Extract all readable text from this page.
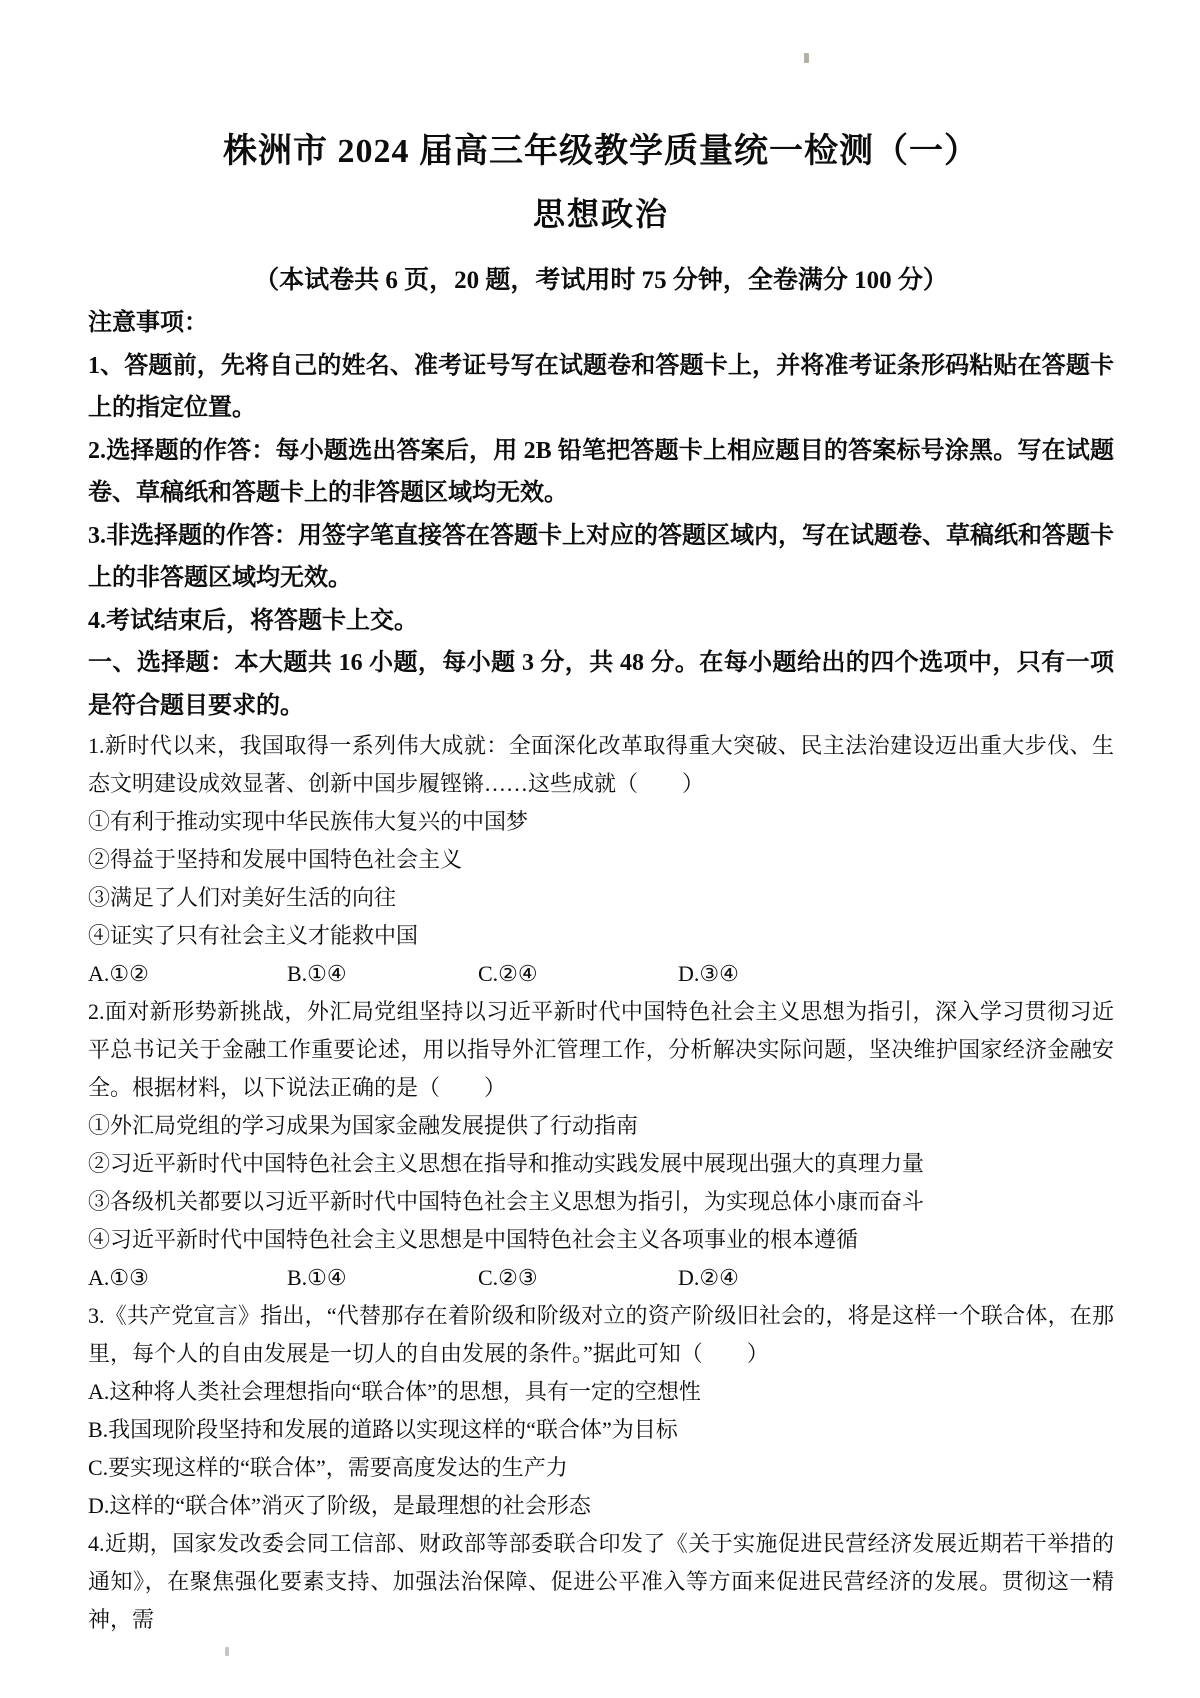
株洲市 2024 届高三年级教学质量统一检测（一）
思想政治
（本试卷共 6 页，20 题，考试用时 75 分钟，全卷满分 100 分）

注意事项：

1、答题前，先将自己的姓名、准考证号写在试题卷和答题卡上，并将准考证条形码粘贴在答题卡上的指定位置。

2.选择题的作答：每小题选出答案后，用 2B 铅笔把答题卡上相应题目的答案标号涂黑。写在试题卷、草稿纸和答题卡上的非答题区域均无效。

3.非选择题的作答：用签字笔直接答在答题卡上对应的答题区域内，写在试题卷、草稿纸和答题卡上的非答题区域均无效。

4.考试结束后，将答题卡上交。

一、选择题：本大题共 16 小题，每小题 3 分，共 48 分。在每小题给出的四个选项中，只有一项是符合题目要求的。

1.新时代以来，我国取得一系列伟大成就：全面深化改革取得重大突破、民主法治建设迈出重大步伐、生态文明建设成效显著、创新中国步履铿锵……这些成就（　　）

①有利于推动实现中华民族伟大复兴的中国梦

②得益于坚持和发展中国特色社会主义

③满足了人们对美好生活的向往

④证实了只有社会主义才能救中国

A.①②	B.①④	C.②④	D.③④

2.面对新形势新挑战，外汇局党组坚持以习近平新时代中国特色社会主义思想为指引，深入学习贯彻习近平总书记关于金融工作重要论述，用以指导外汇管理工作，分析解决实际问题，坚决维护国家经济金融安全。根据材料，以下说法正确的是（　　）

①外汇局党组的学习成果为国家金融发展提供了行动指南

②习近平新时代中国特色社会主义思想在指导和推动实践发展中展现出强大的真理力量

③各级机关都要以习近平新时代中国特色社会主义思想为指引，为实现总体小康而奋斗

④习近平新时代中国特色社会主义思想是中国特色社会主义各项事业的根本遵循

A.①③	B.①④	C.②③	D.②④

3.《共产党宣言》指出，“代替那存在着阶级和阶级对立的资产阶级旧社会的，将是这样一个联合体，在那里，每个人的自由发展是一切人的自由发展的条件。”据此可知（　　）

A.这种将人类社会理想指向“联合体”的思想，具有一定的空想性

B.我国现阶段坚持和发展的道路以实现这样的“联合体”为目标

C.要实现这样的“联合体”，需要高度发达的生产力

D.这样的“联合体”消灭了阶级，是最理想的社会形态

4.近期，国家发改委会同工信部、财政部等部委联合印发了《关于实施促进民营经济发展近期若干举措的通知》，在聚焦强化要素支持、加强法治保障、促进公平准入等方面来促进民营经济的发展。贯彻这一精神，需
